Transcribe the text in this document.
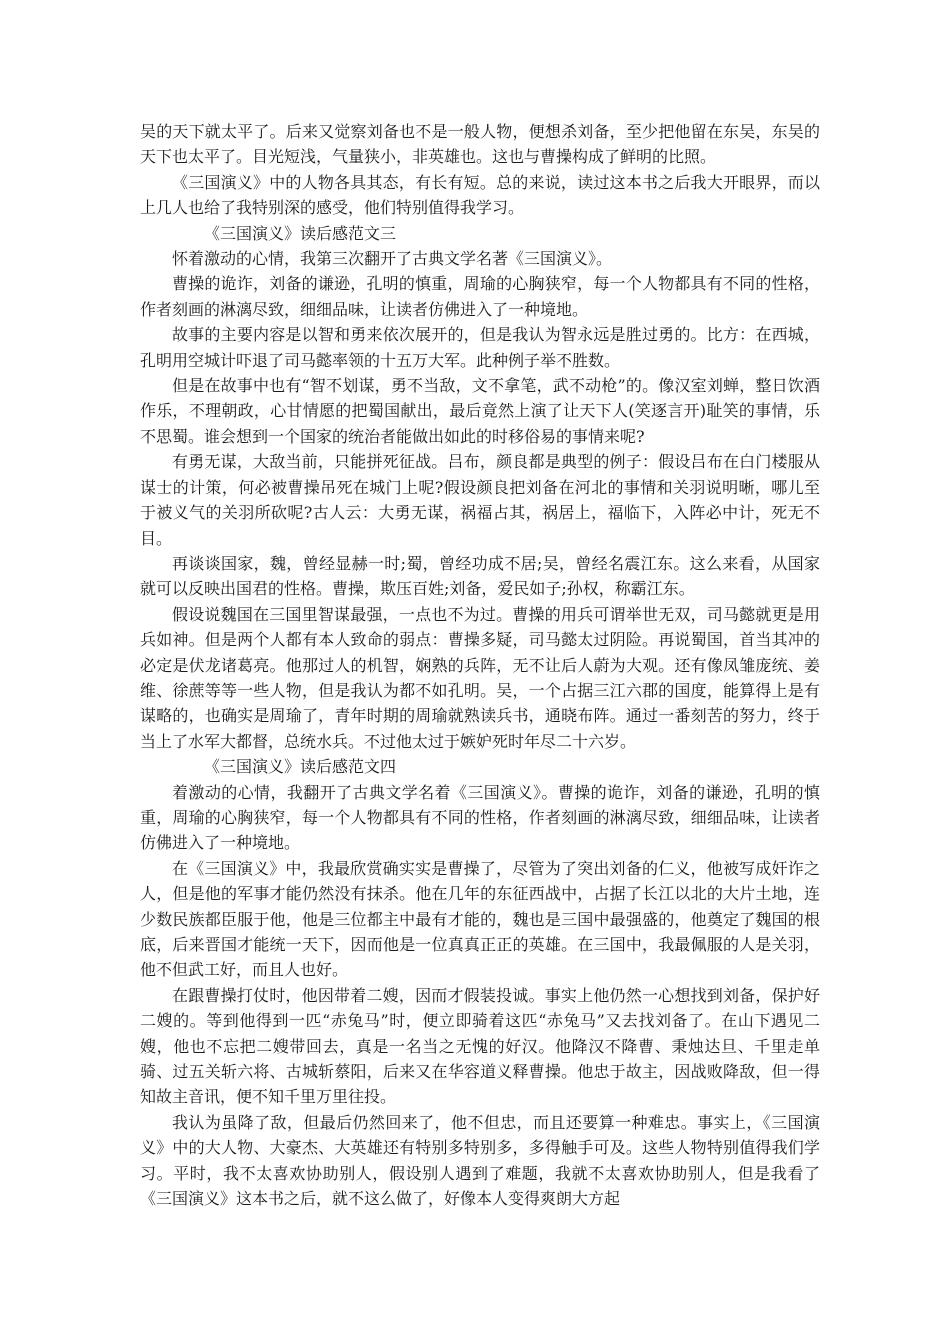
吴的天下就太平了。后来又觉察刘备也不是一般人物，便想杀刘备，至少把他留在东吴，东吴的天下也太平了。目光短浅，气量狭小，非英雄也。这也与曹操构成了鲜明的比照。

《三国演义》中的人物各具其态，有长有短。总的来说，读过这本书之后我大开眼界，而以上几人也给了我特别深的感受，他们特别值得我学习。

《三国演义》读后感范文三

怀着激动的心情，我第三次翻开了古典文学名著《三国演义》。

曹操的诡诈，刘备的谦逊，孔明的慎重，周瑜的心胸狭窄，每一个人物都具有不同的性格，作者刻画的淋漓尽致，细细品味，让读者仿佛进入了一种境地。

故事的主要内容是以智和勇来依次展开的，但是我认为智永远是胜过勇的。比方：在西城，孔明用空城计吓退了司马懿率领的十五万大军。此种例子举不胜数。

但是在故事中也有“智不划谋，勇不当敌，文不拿笔，武不动枪”的。像汉室刘蝉，整日饮酒作乐，不理朝政，心甘情愿的把蜀国献出，最后竟然上演了让天下人(笑逐言开)耻笑的事情，乐不思蜀。谁会想到一个国家的统治者能做出如此的时移俗易的事情来呢?

有勇无谋，大敌当前，只能拼死征战。吕布，颜良都是典型的例子：假设吕布在白门楼服从谋士的计策，何必被曹操吊死在城门上呢?假设颜良把刘备在河北的事情和关羽说明晰，哪儿至于被义气的关羽所砍呢?古人云：大勇无谋，祸福占其，祸居上，福临下，入阵必中计，死无不目。

再谈谈国家，魏，曾经显赫一时;蜀，曾经功成不居;吴，曾经名震江东。这么来看，从国家就可以反映出国君的性格。曹操，欺压百姓;刘备，爱民如子;孙权，称霸江东。

假设说魏国在三国里智谋最强，一点也不为过。曹操的用兵可谓举世无双，司马懿就更是用兵如神。但是两个人都有本人致命的弱点：曹操多疑，司马懿太过阴险。再说蜀国，首当其冲的必定是伏龙诸葛亮。他那过人的机智，娴熟的兵阵，无不让后人蔚为大观。还有像凤雏庞统、姜维、徐蔗等等一些人物，但是我认为都不如孔明。吴，一个占据三江六郡的国度，能算得上是有谋略的，也确实是周瑜了，青年时期的周瑜就熟读兵书，通晓布阵。通过一番刻苦的努力，终于当上了水军大都督，总统水兵。不过他太过于嫉妒死时年尽二十六岁。

《三国演义》读后感范文四

着激动的心情，我翻开了古典文学名着《三国演义》。曹操的诡诈，刘备的谦逊，孔明的慎重，周瑜的心胸狭窄，每一个人物都具有不同的性格，作者刻画的淋漓尽致，细细品味，让读者仿佛进入了一种境地。

在《三国演义》中，我最欣赏确实实是曹操了，尽管为了突出刘备的仁义，他被写成奸诈之人，但是他的军事才能仍然没有抹杀。他在几年的东征西战中，占据了长江以北的大片土地，连少数民族都臣服于他，他是三位都主中最有才能的，魏也是三国中最强盛的，他奠定了魏国的根底，后来晋国才能统一天下，因而他是一位真真正正的英雄。在三国中，我最佩服的人是关羽，他不但武工好，而且人也好。

在跟曹操打仗时，他因带着二嫂，因而才假装投诚。事实上他仍然一心想找到刘备，保护好二嫂的。等到他得到一匹“赤兔马”时，便立即骑着这匹“赤兔马”又去找刘备了。在山下遇见二嫂，他也不忘把二嫂带回去，真是一名当之无愧的好汉。他降汉不降曹、秉烛达旦、千里走单骑、过五关斩六将、古城斩蔡阳，后来又在华容道义释曹操。他忠于故主，因战败降敌，但一得知故主音讯，便不知千里万里往投。

我认为虽降了敌，但最后仍然回来了，他不但忠，而且还要算一种难忠。事实上，《三国演义》中的大人物、大豪杰、大英雄还有特别多特别多，多得触手可及。这些人物特别值得我们学习。平时，我不太喜欢协助别人，假设别人遇到了难题，我就不太喜欢协助别人，但是我看了《三国演义》这本书之后，就不这么做了，好像本人变得爽朗大方起
